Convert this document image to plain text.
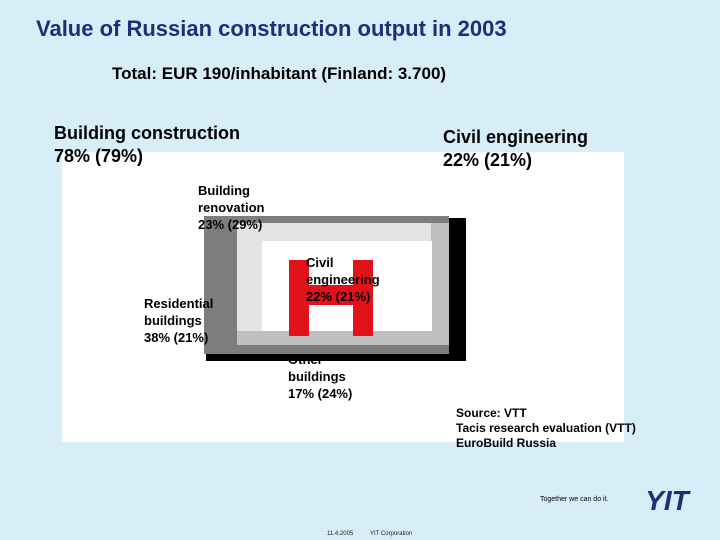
Value of Russian construction output in 2003
Total: EUR 190/inhabitant (Finland: 3.700)
Building construction
78% (79%)
Civil engineering
22% (21%)
Building
renovation
23% (29%)
Residential
buildings
38% (21%)
Civil
engineering
22% (21%)
Other
buildings
17% (24%)
Source: VTT
Tacis research evaluation (VTT)
EuroBuild Russia
Together we can do it. YIT
11.4.2005	YIT Corporation
